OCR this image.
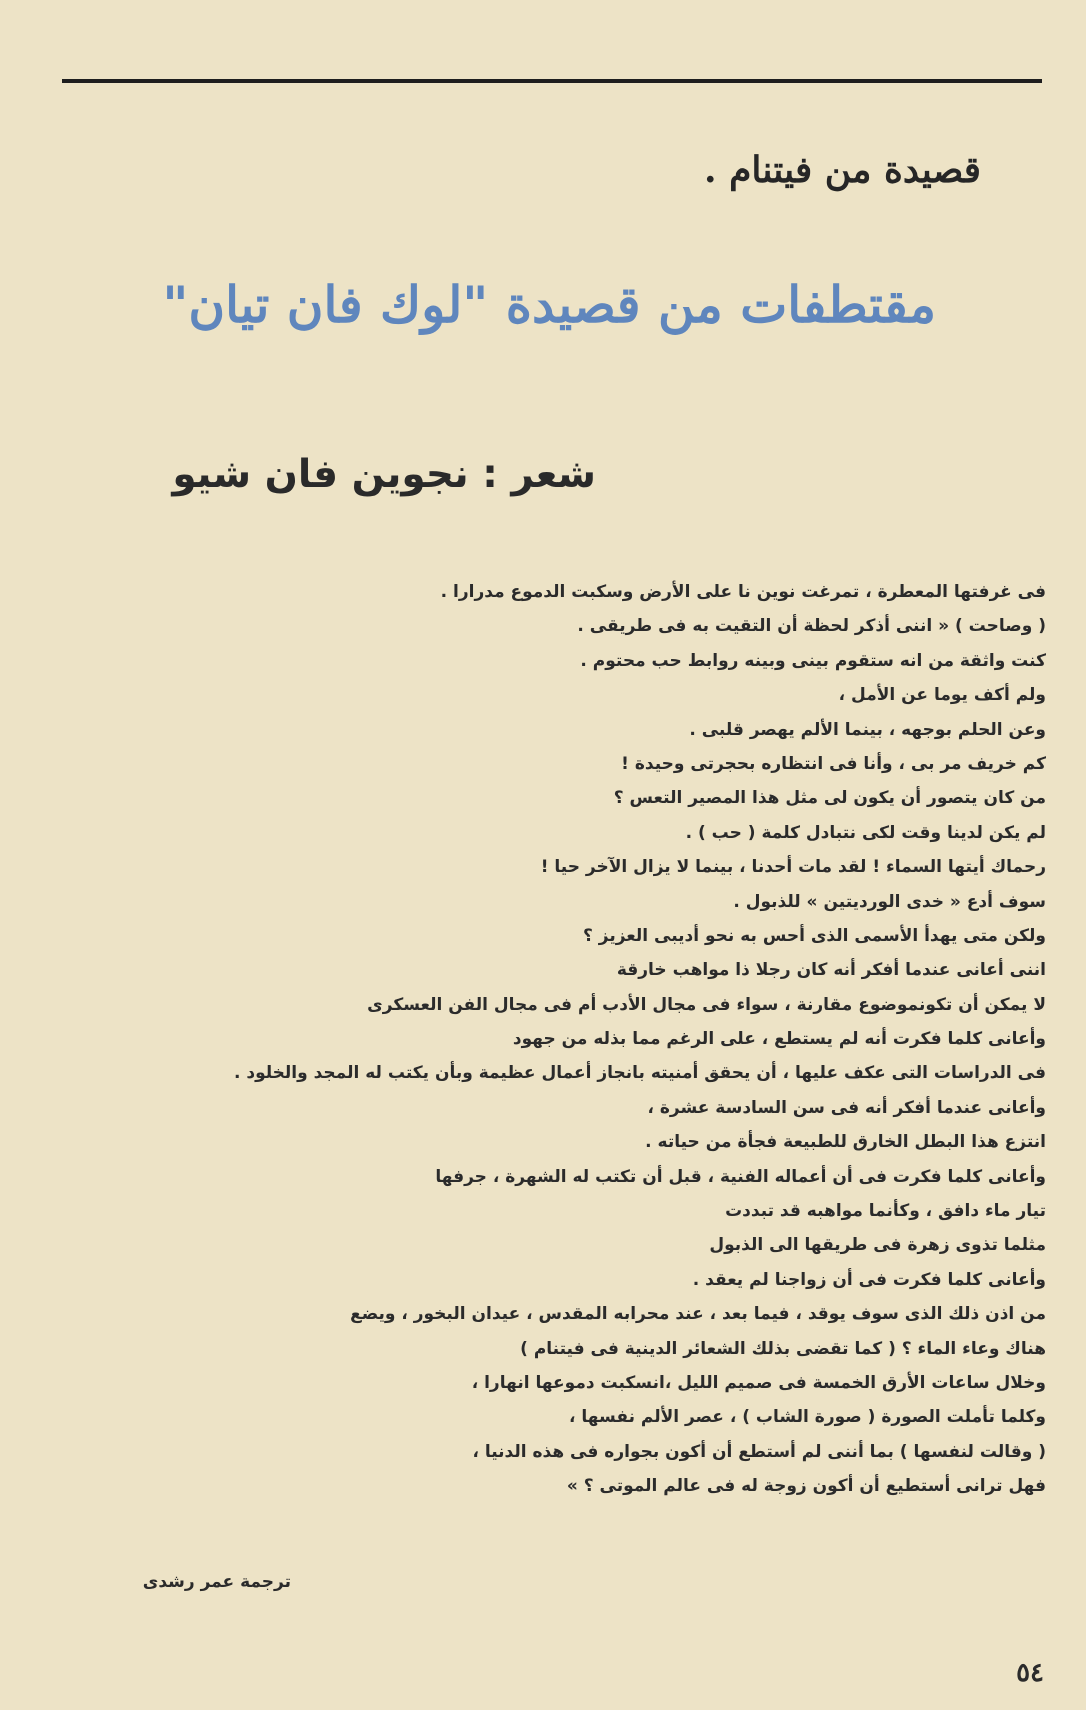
قصيدة من فيتنام .
مقتطفات من قصيدة "لوك فان تيان"
شعر : نجوين فان شيو
فى غرفتها المعطرة ، تمرغت نوين نا على الأرض وسكبت الدموع مدرارا .
( وصاحت ) « اننى أذكر لحظة أن التقيت به فى طريقى .
كنت واثقة من انه ستقوم بينى وبينه روابط حب محتوم .
ولم أكف يوما عن الأمل ،
وعن الحلم بوجهه ، بينما الألم يهصر قلبى .
كم خريف مر بى ، وأنا فى انتظاره بحجرتى وحيدة !
من كان يتصور أن يكون لى مثل هذا المصير التعس ؟
لم يكن لدينا وقت لكى نتبادل كلمة ( حب ) .
رحماك أيتها السماء ! لقد مات أحدنا ، بينما لا يزال الآخر حيا !
سوف أدع « خدى الورديتين » للذبول .
ولكن متى يهدأ الأسمى الذى أحس به نحو أديبى العزيز ؟
اننى أعانى عندما أفكر أنه كان رجلا ذا مواهب خارقة
لا يمكن أن تكونموضوع مقارنة ، سواء فى مجال الأدب أم فى مجال الفن العسكرى
وأعانى كلما فكرت أنه لم يستطع ، على الرغم مما بذله من جهود
فى الدراسات التى عكف عليها ، أن يحقق أمنيته بانجاز أعمال عظيمة وبأن يكتب له المجد والخلود .
وأعانى عندما أفكر أنه فى سن السادسة عشرة ،
انتزع هذا البطل الخارق للطبيعة فجأة من حياته .
وأعانى كلما فكرت فى أن أعماله الفنية ، قبل أن تكتب له الشهرة ، جرفها
تيار ماء دافق ، وكأنما مواهبه قد تبددت
مثلما تذوى زهرة فى طريقها الى الذبول
وأعانى كلما فكرت فى أن زواجنا لم يعقد .
من اذن ذلك الذى سوف يوقد ، فيما بعد ، عند محرابه المقدس ، عيدان البخور ، ويضع
هناك وعاء الماء ؟ ( كما تقضى بذلك الشعائر الدينية فى فيتنام )
وخلال ساعات الأرق الخمسة فى صميم الليل ،انسكبت دموعها انهارا ،
وكلما تأملت الصورة ( صورة الشاب ) ، عصر الألم نفسها ،
( وقالت لنفسها ) بما أننى لم أستطع أن أكون بجواره فى هذه الدنيا ،
فهل ترانى أستطيع أن أكون زوجة له فى عالم الموتى ؟ »

ترجمة عمر رشدى

٥٤
